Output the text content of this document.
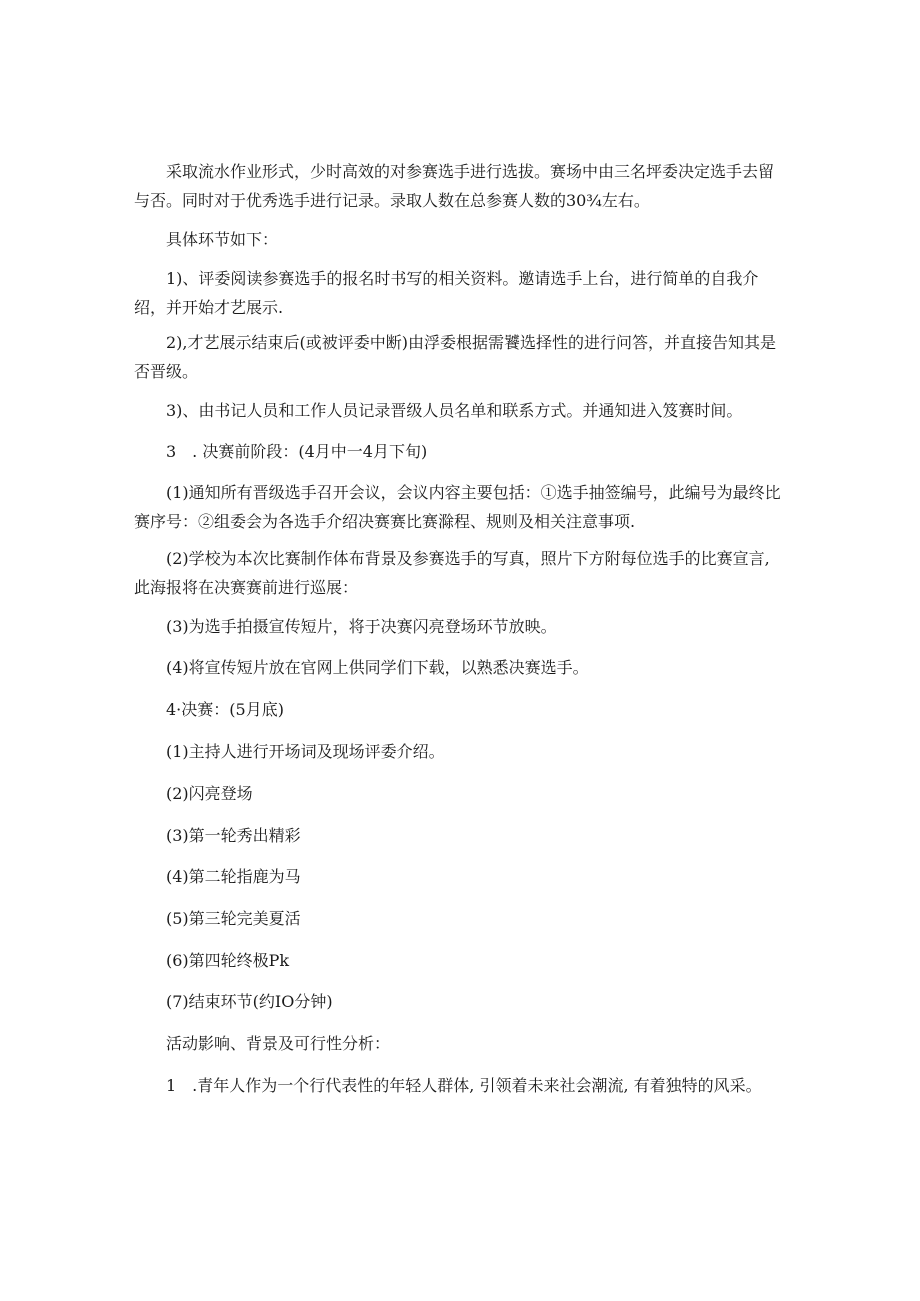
采取流水作业形式，少时高效的对参赛选手进行选拔。赛场中由三名坪委决定选手去留与否。同时对于优秀选手进行记录。录取人数在总参赛人数的30¾左右。

具体环节如下：

1)、评委阅读参赛选手的报名时书写的相关资料。邀请选手上台，进行简单的自我介绍，并开始才艺展示.

2),才艺展示结束后(或被评委中断)由浮委根据需饕选择性的进行问答，并直接告知其是否晋级。

3)、由书记人员和工作人员记录晋级人员名单和联系方式。并通知进入笈赛时间。

3　. 决赛前阶段：(4月中一4月下旬)

(1)通知所有晋级选手召开会议，会议内容主要包括：①选手抽签编号，此编号为最终比赛序号：②组委会为各选手介绍决赛赛比赛滁程、规则及相关注意事项.

(2)学校为本次比赛制作体布背景及参赛选手的写真，照片下方附每位选手的比赛宣言, 此海报将在决赛赛前进行巡展：

(3)为选手拍摄宣传短片，将于决赛闪亮登场环节放映。

(4)将宣传短片放在官网上供同学们下载，以熟悉决赛选手。

4·决赛：(5月底)

(1)主持人进行开场词及现场评委介绍。

(2)闪亮登场

(3)第一轮秀出精彩

(4)第二轮指鹿为马

(5)第三轮完美夏活

(6)第四轮终极Pk

(7)结束环节(约IO分钟)

活动影响、背景及可行性分析：

1　.青年人作为一个行代表性的年轻人群体, 引领着未来社会潮流, 有着独特的风采。
